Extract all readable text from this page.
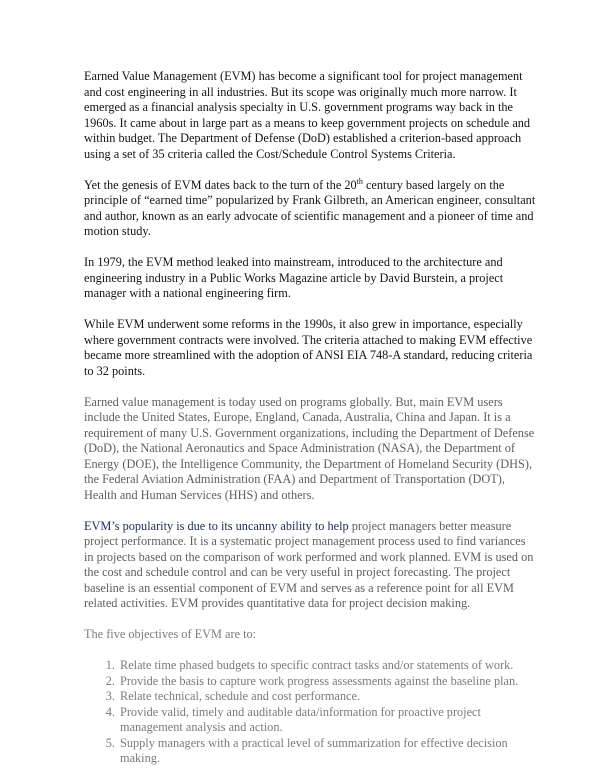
Earned Value Management (EVM) has become a significant tool for project management
and cost engineering in all industries. But its scope was originally much more narrow. It
emerged as a financial analysis specialty in U.S. government programs way back in the
1960s. It came about in large part as a means to keep government projects on schedule and
within budget. The Department of Defense (DoD) established a criterion-based approach
using a set of 35 criteria called the Cost/Schedule Control Systems Criteria.

Yet the genesis of EVM dates back to the turn of the 20th century based largely on the
principle of “earned time” popularized by Frank Gilbreth, an American engineer, consultant
and author, known as an early advocate of scientific management and a pioneer of time and
motion study.

In 1979, the EVM method leaked into mainstream, introduced to the architecture and
engineering industry in a Public Works Magazine article by David Burstein, a project
manager with a national engineering firm.

While EVM underwent some reforms in the 1990s, it also grew in importance, especially
where government contracts were involved. The criteria attached to making EVM effective
became more streamlined with the adoption of ANSI EIA 748-A standard, reducing criteria
to 32 points.

Earned value management is today used on programs globally. But, main EVM users
include the United States, Europe, England, Canada, Australia, China and Japan. It is a
requirement of many U.S. Government organizations, including the Department of Defense
(DoD), the National Aeronautics and Space Administration (NASA), the Department of
Energy (DOE), the Intelligence Community, the Department of Homeland Security (DHS),
the Federal Aviation Administration (FAA) and Department of Transportation (DOT),
Health and Human Services (HHS) and others.

EVM’s popularity is due to its uncanny ability to help project managers better measure
project performance. It is a systematic project management process used to find variances
in projects based on the comparison of work performed and work planned. EVM is used on
the cost and schedule control and can be very useful in project forecasting. The project
baseline is an essential component of EVM and serves as a reference point for all EVM
related activities. EVM provides quantitative data for project decision making.

The five objectives of EVM are to:

1. Relate time phased budgets to specific contract tasks and/or statements of work.
2. Provide the basis to capture work progress assessments against the baseline plan.
3. Relate technical, schedule and cost performance.
4. Provide valid, timely and auditable data/information for proactive project
management analysis and action.
5. Supply managers with a practical level of summarization for effective decision
making.
